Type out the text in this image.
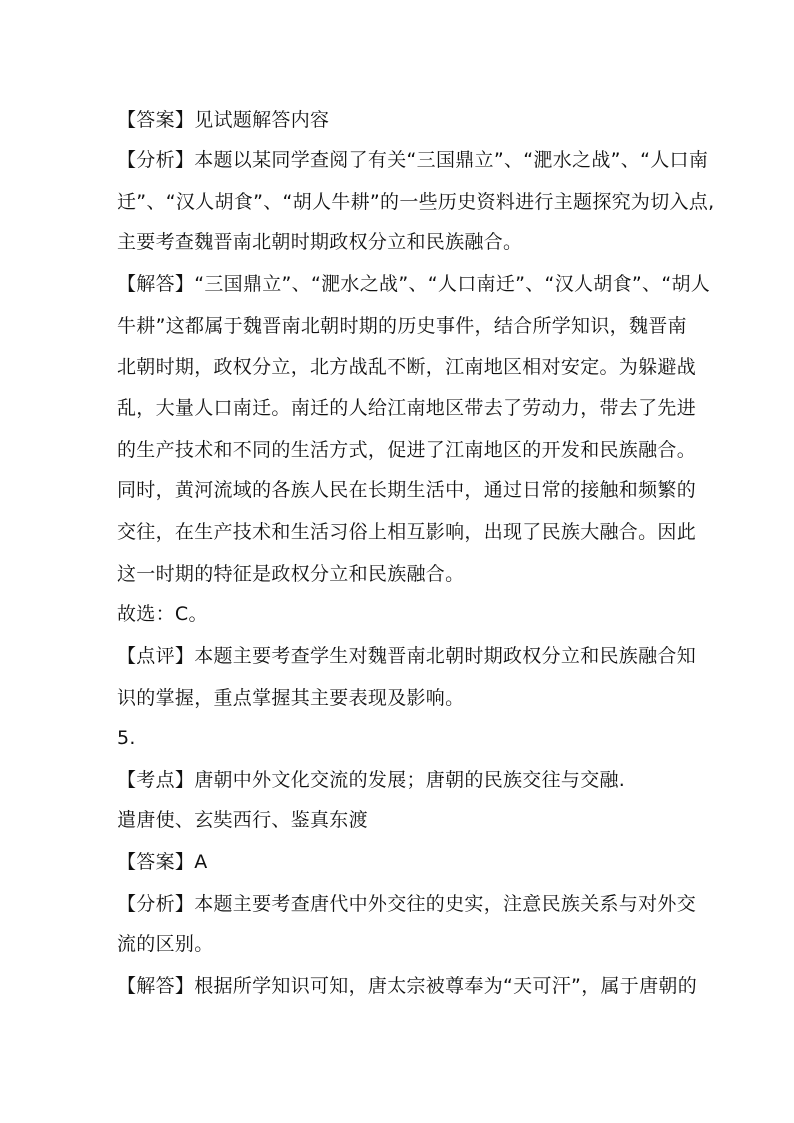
【答案】见试题解答内容
【分析】本题以某同学查阅了有关“三国鼎立”、“淝水之战”、“人口南
迁”、“汉人胡食”、“胡人牛耕”的一些历史资料进行主题探究为切入点,
主要考查魏晋南北朝时期政权分立和民族融合。
【解答】“三国鼎立”、“淝水之战”、“人口南迁”、“汉人胡食”、“胡人
牛耕”这都属于魏晋南北朝时期的历史事件，结合所学知识，魏晋南
北朝时期，政权分立，北方战乱不断，江南地区相对安定。为躲避战
乱，大量人口南迁。南迁的人给江南地区带去了劳动力，带去了先进
的生产技术和不同的生活方式，促进了江南地区的开发和民族融合。
同时，黄河流域的各族人民在长期生活中，通过日常的接触和频繁的
交往，在生产技术和生活习俗上相互影响，出现了民族大融合。因此
这一时期的特征是政权分立和民族融合。
故选：C。
【点评】本题主要考查学生对魏晋南北朝时期政权分立和民族融合知
识的掌握，重点掌握其主要表现及影响。
5.
【考点】唐朝中外文化交流的发展；唐朝的民族交往与交融.
遣唐使、玄奘西行、鉴真东渡
【答案】A
【分析】本题主要考查唐代中外交往的史实，注意民族关系与对外交
流的区别。
【解答】根据所学知识可知，唐太宗被尊奉为“天可汗”，属于唐朝的
